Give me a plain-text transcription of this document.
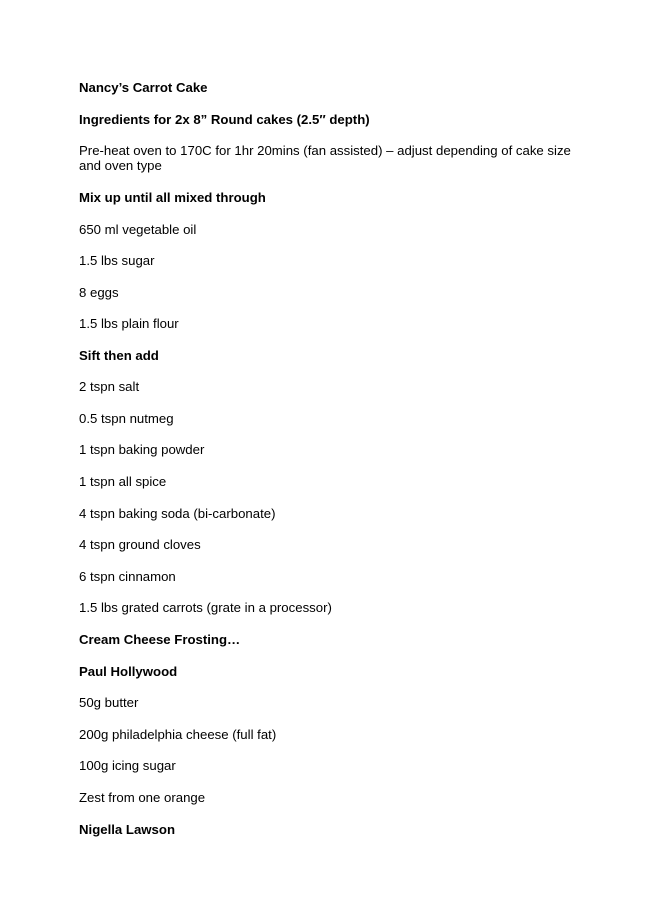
Nancy’s Carrot Cake
Ingredients for 2x 8” Round cakes (2.5″ depth)
Pre-heat oven to 170C for 1hr 20mins (fan assisted) – adjust depending of cake size
and oven type
Mix up until all mixed through
650 ml vegetable oil
1.5 lbs sugar
8 eggs
1.5 lbs plain flour
Sift then add
2 tspn salt
0.5 tspn nutmeg
1 tspn baking powder
1 tspn all spice
4 tspn baking soda (bi-carbonate)
4 tspn ground cloves
6 tspn cinnamon
1.5 lbs grated carrots (grate in a processor)
Cream Cheese Frosting…
Paul Hollywood
50g butter
200g philadelphia cheese (full fat)
100g icing sugar
Zest from one orange
Nigella Lawson
